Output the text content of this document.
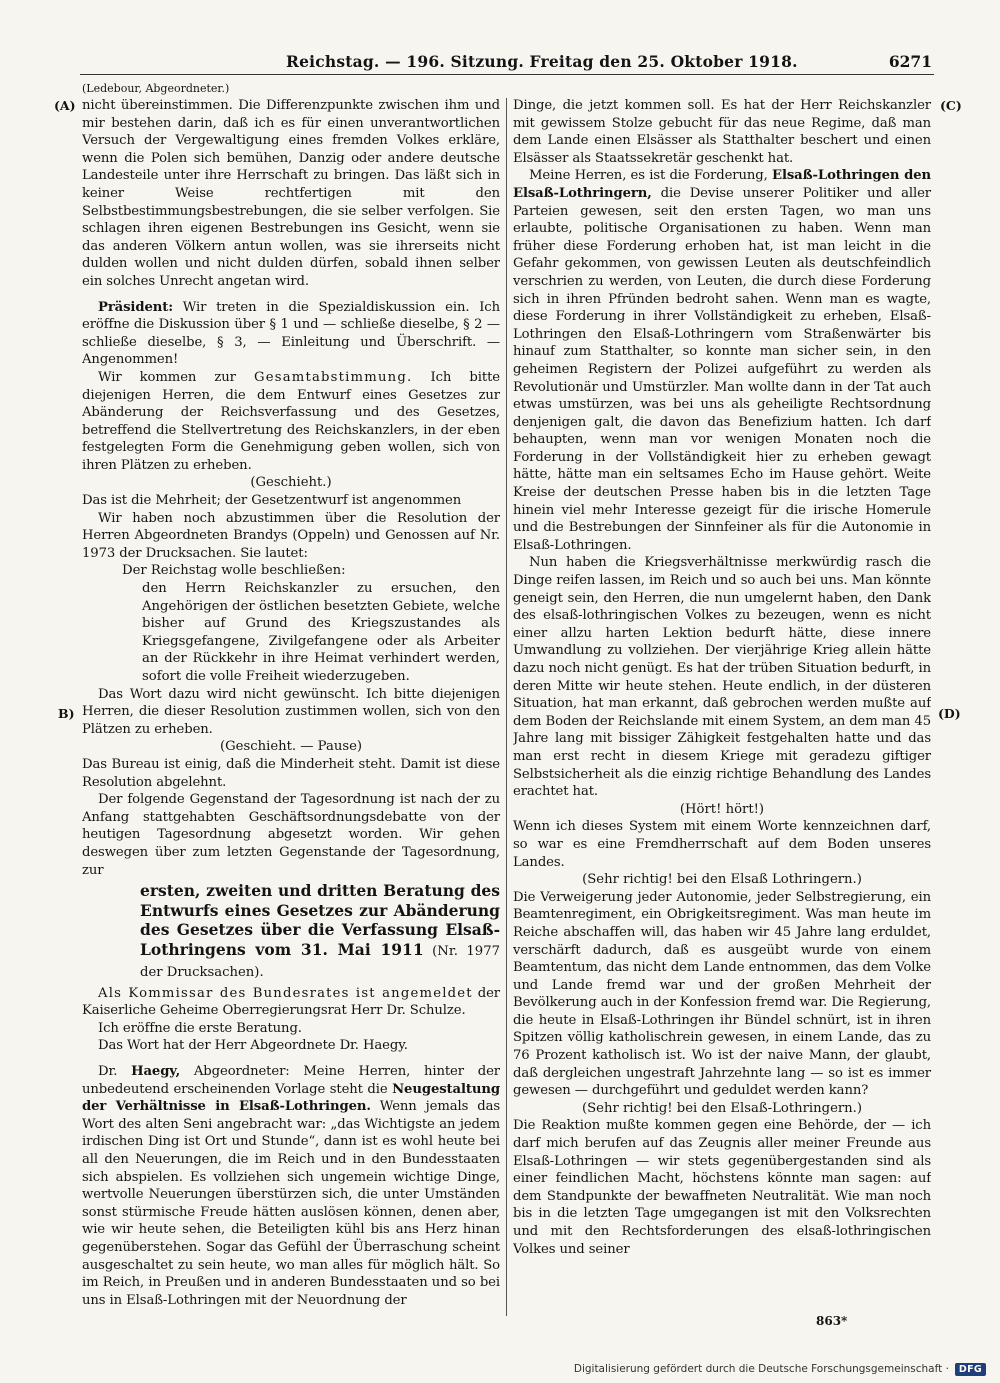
Reichstag. — 196. Sitzung. Freitag den 25. Oktober 1918.	6271
(A)
B)
(C)
(D)

(Ledebour, Abgeordneter.)

nicht übereinstimmen. Die Differenzpunkte zwischen ihm und mir bestehen darin, daß ich es für einen unverantwortlichen Versuch der Vergewaltigung eines fremden Volkes erkläre, wenn die Polen sich bemühen, Danzig oder andere deutsche Landesteile unter ihre Herrschaft zu bringen. Das läßt sich in keiner Weise rechtfertigen mit den Selbstbestimmungsbestrebungen, die sie selber verfolgen. Sie schlagen ihren eigenen Bestrebungen ins Gesicht, wenn sie das anderen Völkern antun wollen, was sie ihrerseits nicht dulden wollen und nicht dulden dürfen, sobald ihnen selber ein solches Unrecht angetan wird.

Präsident: Wir treten in die Spezialdiskussion ein. Ich eröffne die Diskussion über § 1 und — schließe dieselbe, § 2 — schließe dieselbe, § 3, — Einleitung und Überschrift. — Angenommen!

Wir kommen zur Gesamtabstimmung. Ich bitte diejenigen Herren, die dem Entwurf eines Gesetzes zur Abänderung der Reichsverfassung und des Gesetzes, betreffend die Stellvertretung des Reichskanzlers, in der eben festgelegten Form die Genehmigung geben wollen, sich von ihren Plätzen zu erheben.

(Geschieht.)

Das ist die Mehrheit; der Gesetzentwurf ist angenommen

Wir haben noch abzustimmen über die Resolution der Herren Abgeordneten Brandys (Oppeln) und Genossen auf Nr. 1973 der Drucksachen. Sie lautet:

Der Reichstag wolle beschließen:

den Herrn Reichskanzler zu ersuchen, den Angehörigen der östlichen besetzten Gebiete, welche bisher auf Grund des Kriegszustandes als Kriegsgefangene, Zivilgefangene oder als Arbeiter an der Rückkehr in ihre Heimat verhindert werden, sofort die volle Freiheit wiederzugeben.

Das Wort dazu wird nicht gewünscht. Ich bitte diejenigen Herren, die dieser Resolution zustimmen wollen, sich von den Plätzen zu erheben.

(Geschieht. — Pause)

Das Bureau ist einig, daß die Minderheit steht. Damit ist diese Resolution abgelehnt.

Der folgende Gegenstand der Tagesordnung ist nach der zu Anfang stattgehabten Geschäftsordnungsdebatte von der heutigen Tagesordnung abgesetzt worden. Wir gehen deswegen über zum letzten Gegenstande der Tagesordnung, zur

ersten, zweiten und dritten Beratung des Entwurfs eines Gesetzes zur Abänderung des Gesetzes über die Verfassung Elsaß-Lothringens vom 31. Mai 1911 (Nr. 1977 der Drucksachen).

Als Kommissar des Bundesrates ist angemeldet der Kaiserliche Geheime Oberregierungsrat Herr Dr. Schulze.

Ich eröffne die erste Beratung.

Das Wort hat der Herr Abgeordnete Dr. Haegy.

Dr. Haegy, Abgeordneter: Meine Herren, hinter der unbedeutend erscheinenden Vorlage steht die Neugestaltung der Verhältnisse in Elsaß-Lothringen. Wenn jemals das Wort des alten Seni angebracht war: „das Wichtigste an jedem irdischen Ding ist Ort und Stunde“, dann ist es wohl heute bei all den Neuerungen, die im Reich und in den Bundesstaaten sich abspielen. Es vollziehen sich ungemein wichtige Dinge, wertvolle Neuerungen überstürzen sich, die unter Umständen sonst stürmische Freude hätten auslösen können, denen aber, wie wir heute sehen, die Beteiligten kühl bis ans Herz hinan gegenüberstehen. Sogar das Gefühl der Überraschung scheint ausgeschaltet zu sein heute, wo man alles für möglich hält. So im Reich, in Preußen und in anderen Bundesstaaten und so bei uns in Elsaß-Lothringen mit der Neuordnung der

Dinge, die jetzt kommen soll. Es hat der Herr Reichskanzler mit gewissem Stolze gebucht für das neue Regime, daß man dem Lande einen Elsässer als Statthalter beschert und einen Elsässer als Staatssekretär geschenkt hat.

Meine Herren, es ist die Forderung, Elsaß-Lothringen den Elsaß-Lothringern, die Devise unserer Politiker und aller Parteien gewesen, seit den ersten Tagen, wo man uns erlaubte, politische Organisationen zu haben. Wenn man früher diese Forderung erhoben hat, ist man leicht in die Gefahr gekommen, von gewissen Leuten als deutschfeindlich verschrien zu werden, von Leuten, die durch diese Forderung sich in ihren Pfründen bedroht sahen. Wenn man es wagte, diese Forderung in ihrer Vollständigkeit zu erheben, Elsaß-Lothringen den Elsaß-Lothringern vom Straßenwärter bis hinauf zum Statthalter, so konnte man sicher sein, in den geheimen Registern der Polizei aufgeführt zu werden als Revolutionär und Umstürzler. Man wollte dann in der Tat auch etwas umstürzen, was bei uns als geheiligte Rechtsordnung denjenigen galt, die davon das Benefizium hatten. Ich darf behaupten, wenn man vor wenigen Monaten noch die Forderung in der Vollständigkeit hier zu erheben gewagt hätte, hätte man ein seltsames Echo im Hause gehört. Weite Kreise der deutschen Presse haben bis in die letzten Tage hinein viel mehr Interesse gezeigt für die irische Homerule und die Bestrebungen der Sinnfeiner als für die Autonomie in Elsaß-Lothringen.

Nun haben die Kriegsverhältnisse merkwürdig rasch die Dinge reifen lassen, im Reich und so auch bei uns. Man könnte geneigt sein, den Herren, die nun umgelernt haben, den Dank des elsaß-lothringischen Volkes zu bezeugen, wenn es nicht einer allzu harten Lektion bedurft hätte, diese innere Umwandlung zu vollziehen. Der vierjährige Krieg allein hätte dazu noch nicht genügt. Es hat der trüben Situation bedurft, in deren Mitte wir heute stehen. Heute endlich, in der düsteren Situation, hat man erkannt, daß gebrochen werden mußte auf dem Boden der Reichslande mit einem System, an dem man 45 Jahre lang mit bissiger Zähigkeit festgehalten hatte und das man erst recht in diesem Kriege mit geradezu giftiger Selbstsicherheit als die einzig richtige Behandlung des Landes erachtet hat.

(Hört! hört!)

Wenn ich dieses System mit einem Worte kennzeichnen darf, so war es eine Fremdherrschaft auf dem Boden unseres Landes.

(Sehr richtig! bei den Elsaß Lothringern.)

Die Verweigerung jeder Autonomie, jeder Selbstregierung, ein Beamtenregiment, ein Obrigkeitsregiment. Was man heute im Reiche abschaffen will, das haben wir 45 Jahre lang erduldet, verschärft dadurch, daß es ausgeübt wurde von einem Beamtentum, das nicht dem Lande entnommen, das dem Volke und Lande fremd war und der großen Mehrheit der Bevölkerung auch in der Konfession fremd war. Die Regierung, die heute in Elsaß-Lothringen ihr Bündel schnürt, ist in ihren Spitzen völlig katholischrein gewesen, in einem Lande, das zu 76 Prozent katholisch ist. Wo ist der naive Mann, der glaubt, daß dergleichen ungestraft Jahrzehnte lang — so ist es immer gewesen — durchgeführt und geduldet werden kann?

(Sehr richtig! bei den Elsaß-Lothringern.)

Die Reaktion mußte kommen gegen eine Behörde, der — ich darf mich berufen auf das Zeugnis aller meiner Freunde aus Elsaß-Lothringen — wir stets gegenübergestanden sind als einer feindlichen Macht, höchstens könnte man sagen: auf dem Standpunkte der bewaffneten Neutralität. Wie man noch bis in die letzten Tage umgegangen ist mit den Volksrechten und mit den Rechtsforderungen des elsaß-lothringischen Volkes und seiner

863*
Digitalisierung gefördert durch die Deutsche Forschungsgemeinschaft ·	DFG
